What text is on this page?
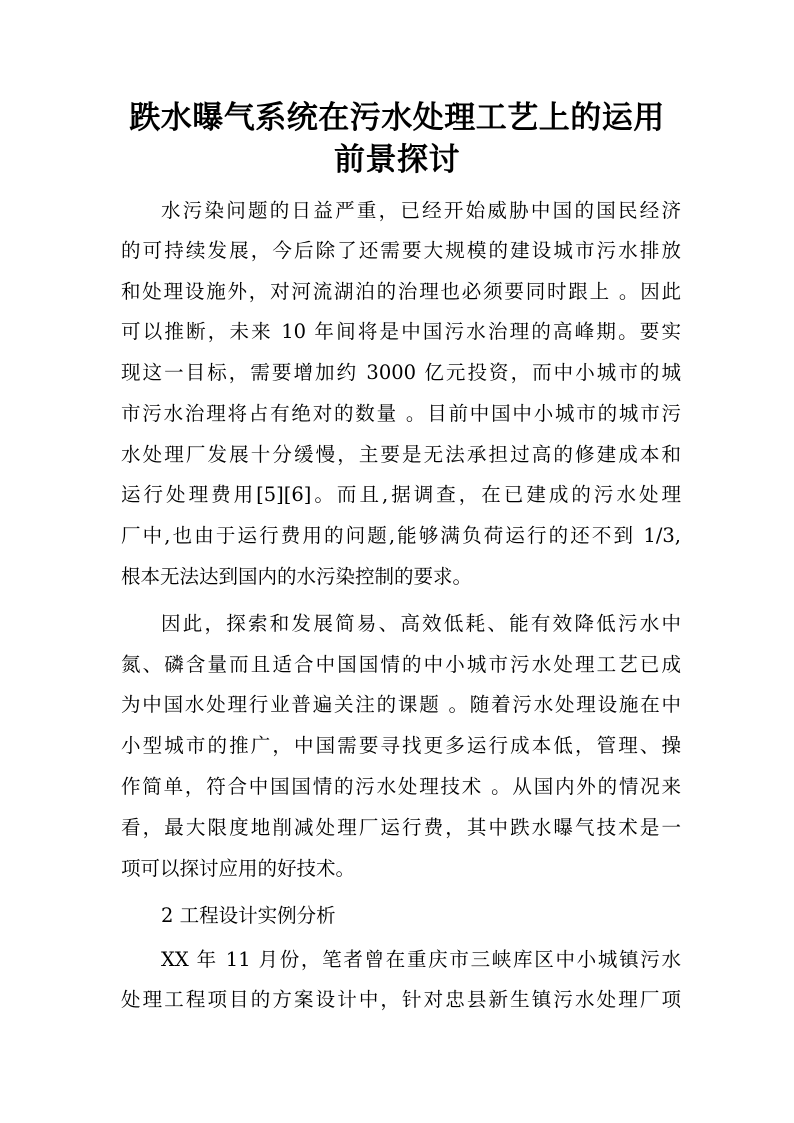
跌水曝气系统在污水处理工艺上的运用
前景探讨
水污染问题的日益严重，已经开始威胁中国的国民经济
的可持续发展，今后除了还需要大规模的建设城市污水排放
和处理设施外，对河流湖泊的治理也必须要同时跟上 。因此
可以推断，未来 10 年间将是中国污水治理的高峰期。要实
现这一目标，需要增加约 3000 亿元投资，而中小城市的城
市污水治理将占有绝对的数量 。目前中国中小城市的城市污
水处理厂发展十分缓慢，主要是无法承担过高的修建成本和
运行处理费用[5][6]。而且,据调查，在已建成的污水处理
厂中,也由于运行费用的问题,能够满负荷运行的还不到 1/3,
根本无法达到国内的水污染控制的要求。
因此，探索和发展简易、高效低耗、能有效降低污水中
氮、磷含量而且适合中国国情的中小城市污水处理工艺已成
为中国水处理行业普遍关注的课题 。随着污水处理设施在中
小型城市的推广，中国需要寻找更多运行成本低，管理、操
作简单，符合中国国情的污水处理技术 。从国内外的情况来
看，最大限度地削减处理厂运行费，其中跌水曝气技术是一
项可以探讨应用的好技术。
2 工程设计实例分析
XX 年 11 月份，笔者曾在重庆市三峡库区中小城镇污水
处理工程项目的方案设计中，针对忠县新生镇污水处理厂项
